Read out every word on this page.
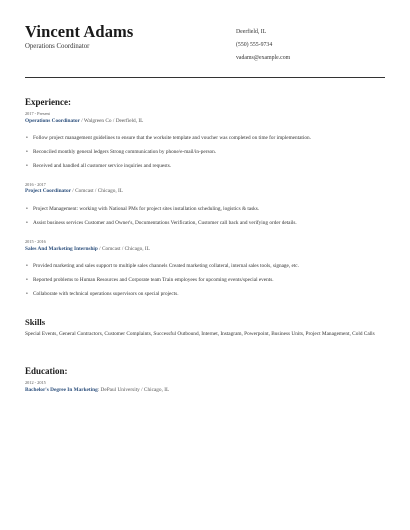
Vincent Adams
Operations Coordinator
Deerfield, IL
(550) 555-9734
vadams@example.com
Experience:
2017 - Present
Operations Coordinator / Walgreen Co / Deerfield, IL
• Follow project management guidelines to ensure that the worksite template and voucher was completed on time for implementation.
• Reconciled monthly general ledgers Strong communication by phone/e-mail/in-person.
• Received and handled all customer service inquiries and requests.
2016 - 2017
Project Coordinator / Comcast / Chicago, IL
• Project Management: working with National PMs for project sites installation scheduling, logistics & tasks.
• Assist business services Customer and Owner's, Documentations Verification, Customer call back and verifying order details.
2015 - 2016
Sales And Marketing Internship / Comcast / Chicago, IL
• Provided marketing and sales support to multiple sales channels Created marketing collateral, internal sales tools, signage, etc.
• Reported problems to Human Resources and Corporate team Train employees for upcoming events/special events.
• Collaborate with technical operations supervisors on special projects.
Skills
Special Events, General Contractors, Customer Complaints, Successful Outbound, Internet, Instagram, Powerpoint, Business Units, Project Management, Cold Calls
Education:
2012 - 2015
Bachelor's Degree In Marketing: DePaul University / Chicago, IL
